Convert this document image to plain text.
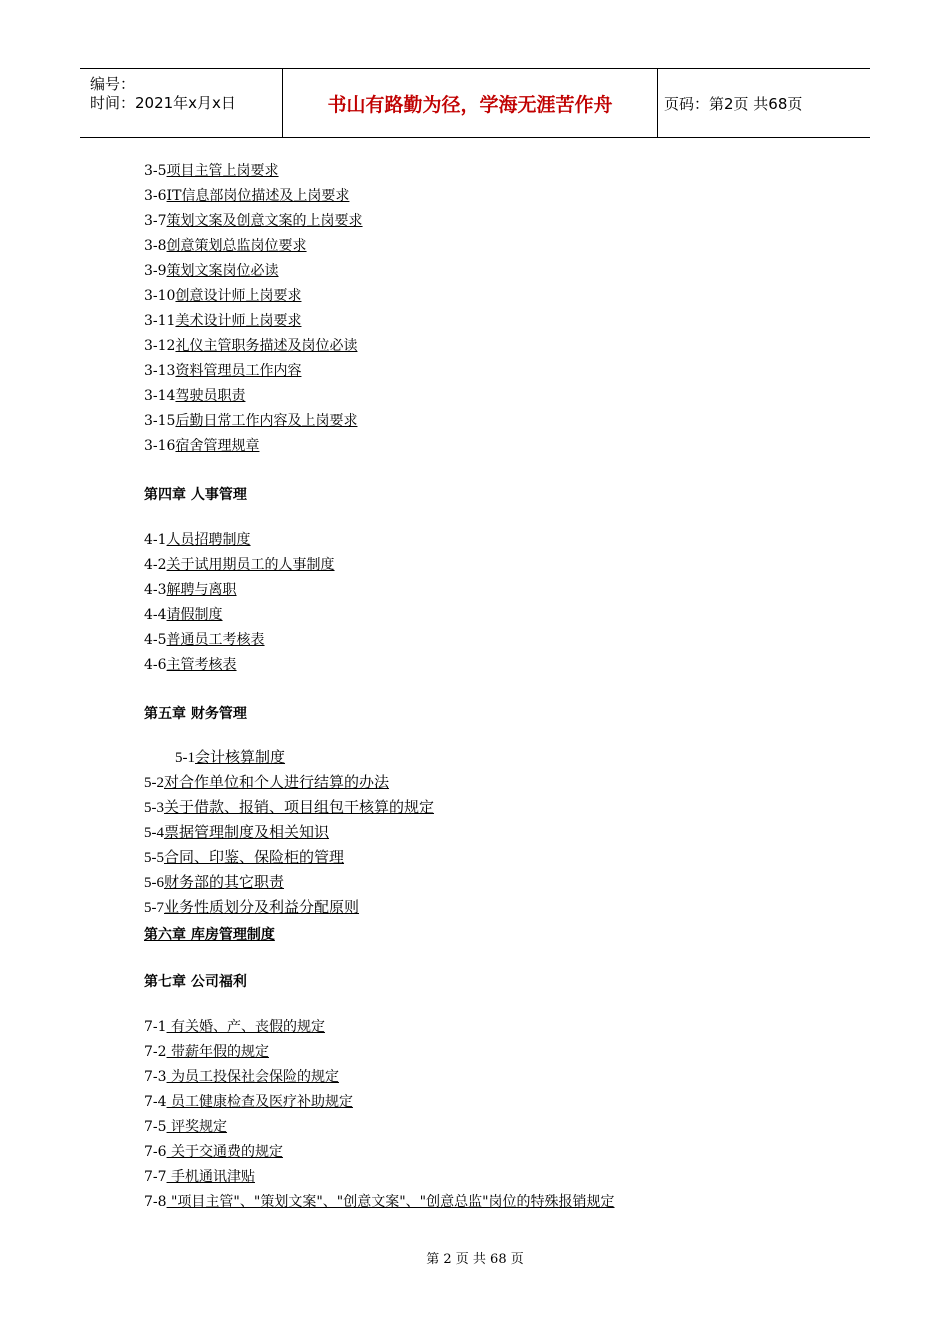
编号：
时间：2021年x月x日	书山有路勤为径，学海无涯苦作舟	页码：第2页 共68页
3-5项目主管上岗要求
3-6IT信息部岗位描述及上岗要求
3-7策划文案及创意文案的上岗要求
3-8创意策划总监岗位要求
3-9策划文案岗位必读
3-10创意设计师上岗要求
3-11美术设计师上岗要求
3-12礼仪主管职务描述及岗位必读
3-13资料管理员工作内容
3-14驾驶员职责
3-15后勤日常工作内容及上岗要求
3-16宿舍管理规章
第四章 人事管理
4-1人员招聘制度
4-2关于试用期员工的人事制度
4-3解聘与离职
4-4请假制度
4-5普通员工考核表
4-6主管考核表
第五章 财务管理
5-1会计核算制度
5-2对合作单位和个人进行结算的办法
5-3关于借款、报销、项目组包干核算的规定
5-4票据管理制度及相关知识
5-5合同、印鉴、保险柜的管理
5-6财务部的其它职责
5-7业务性质划分及利益分配原则
第六章 库房管理制度
第七章 公司福利
7-1 有关婚、产、丧假的规定
7-2 带薪年假的规定
7-3 为员工投保社会保险的规定
7-4 员工健康检查及医疗补助规定
7-5 评奖规定
7-6 关于交通费的规定
7-7 手机通讯津贴
7-8 "项目主管"、"策划文案"、"创意文案"、"创意总监"岗位的特殊报销规定
第 2 页 共 68 页
